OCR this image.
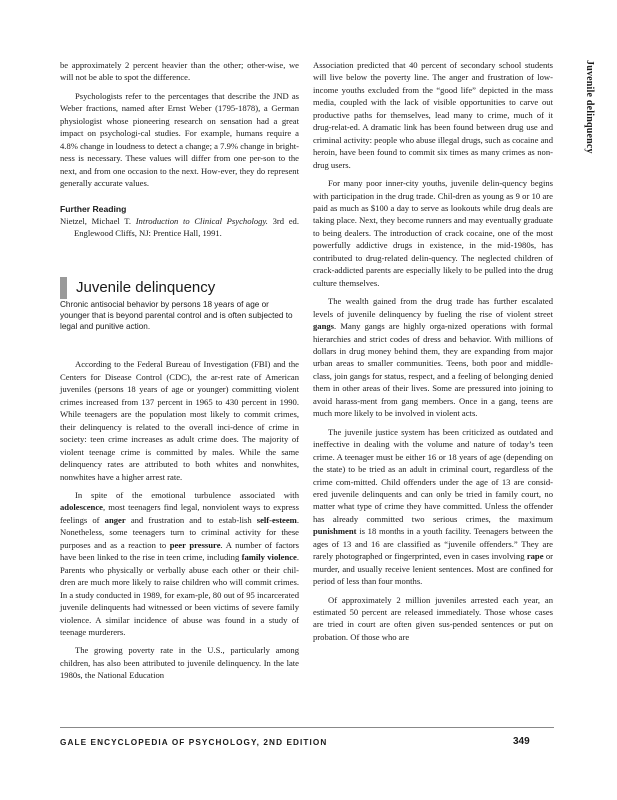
Juvenile delinquency

be approximately 2 percent heavier than the other; other-wise, we will not be able to spot the difference.

Psychologists refer to the percentages that describe the JND as Weber fractions, named after Ernst Weber (1795-1878), a German physiologist whose pioneering research on sensation had a great impact on psychologi-cal studies. For example, humans require a 4.8% change in loudness to detect a change; a 7.9% change in bright-ness is necessary. These values will differ from one per-son to the next, and from one occasion to the next. How-ever, they do represent generally accurate values.

Further Reading

Nietzel, Michael T. Introduction to Clinical Psychology. 3rd ed. Englewood Cliffs, NJ: Prentice Hall, 1991.

Juvenile delinquency

Chronic antisocial behavior by persons 18 years of age or younger that is beyond parental control and is often subjected to legal and punitive action.

According to the Federal Bureau of Investigation (FBI) and the Centers for Disease Control (CDC), the ar-rest rate of American juveniles (persons 18 years of age or younger) committing violent crimes increased from 137 percent in 1965 to 430 percent in 1990. While teenagers are the population most likely to commit crimes, their delinquency is related to the overall inci-dence of crime in society: teen crime increases as adult crime does. The majority of violent teenage crime is committed by males. While the same delinquency rates are attributed to both whites and nonwhites, nonwhites have a higher arrest rate.

In spite of the emotional turbulence associated with adolescence, most teenagers find legal, nonviolent ways to express feelings of anger and frustration and to estab-lish self-esteem. Nonetheless, some teenagers turn to criminal activity for these purposes and as a reaction to peer pressure. A number of factors have been linked to the rise in teen crime, including family violence. Parents who physically or verbally abuse each other or their chil-dren are much more likely to raise children who will commit crimes. In a study conducted in 1989, for exam-ple, 80 out of 95 incarcerated juvenile delinquents had witnessed or been victims of severe family violence. A similar incidence of abuse was found in a study of teenage murderers.

The growing poverty rate in the U.S., particularly among children, has also been attributed to juvenile delinquency. In the late 1980s, the National Education

Association predicted that 40 percent of secondary school students will live below the poverty line. The anger and frustration of low-income youths excluded from the “good life” depicted in the mass media, coupled with the lack of visible opportunities to carve out productive paths for themselves, lead many to crime, much of it drug-relat-ed. A dramatic link has been found between drug use and criminal activity: people who abuse illegal drugs, such as cocaine and heroin, have been found to commit six times as many crimes as non-drug users.

For many poor inner-city youths, juvenile delin-quency begins with participation in the drug trade. Chil-dren as young as 9 or 10 are paid as much as $100 a day to serve as lookouts while drug deals are taking place. Next, they become runners and may eventually graduate to being dealers. The introduction of crack cocaine, one of the most powerfully addictive drugs in existence, in the mid-1980s, has contributed to drug-related delin-quency. The neglected children of crack-addicted parents are especially likely to be pulled into the drug culture themselves.

The wealth gained from the drug trade has further escalated levels of juvenile delinquency by fueling the rise of violent street gangs. Many gangs are highly orga-nized operations with formal hierarchies and strict codes of dress and behavior. With millions of dollars in drug money behind them, they are expanding from major urban areas to smaller communities. Teens, both poor and middle-class, join gangs for status, respect, and a feeling of belonging denied them in other areas of their lives. Some are pressured into joining to avoid harass-ment from gang members. Once in a gang, teens are much more likely to be involved in violent acts.

The juvenile justice system has been criticized as outdated and ineffective in dealing with the volume and nature of today’s teen crime. A teenager must be either 16 or 18 years of age (depending on the state) to be tried as an adult in criminal court, regardless of the crime com-mitted. Child offenders under the age of 13 are consid-ered juvenile delinquents and can only be tried in family court, no matter what type of crime they have committed. Unless the offender has already committed two serious crimes, the maximum punishment is 18 months in a youth facility. Teenagers between the ages of 13 and 16 are classified as “juvenile offenders.” They are rarely photographed or fingerprinted, even in cases involving rape or murder, and usually receive lenient sentences. Most are confined for period of less than four months.

Of approximately 2 million juveniles arrested each year, an estimated 50 percent are released immediately. Those whose cases are tried in court are often given sus-pended sentences or put on probation. Of those who are

GALE ENCYCLOPEDIA OF PSYCHOLOGY, 2ND EDITION	349
